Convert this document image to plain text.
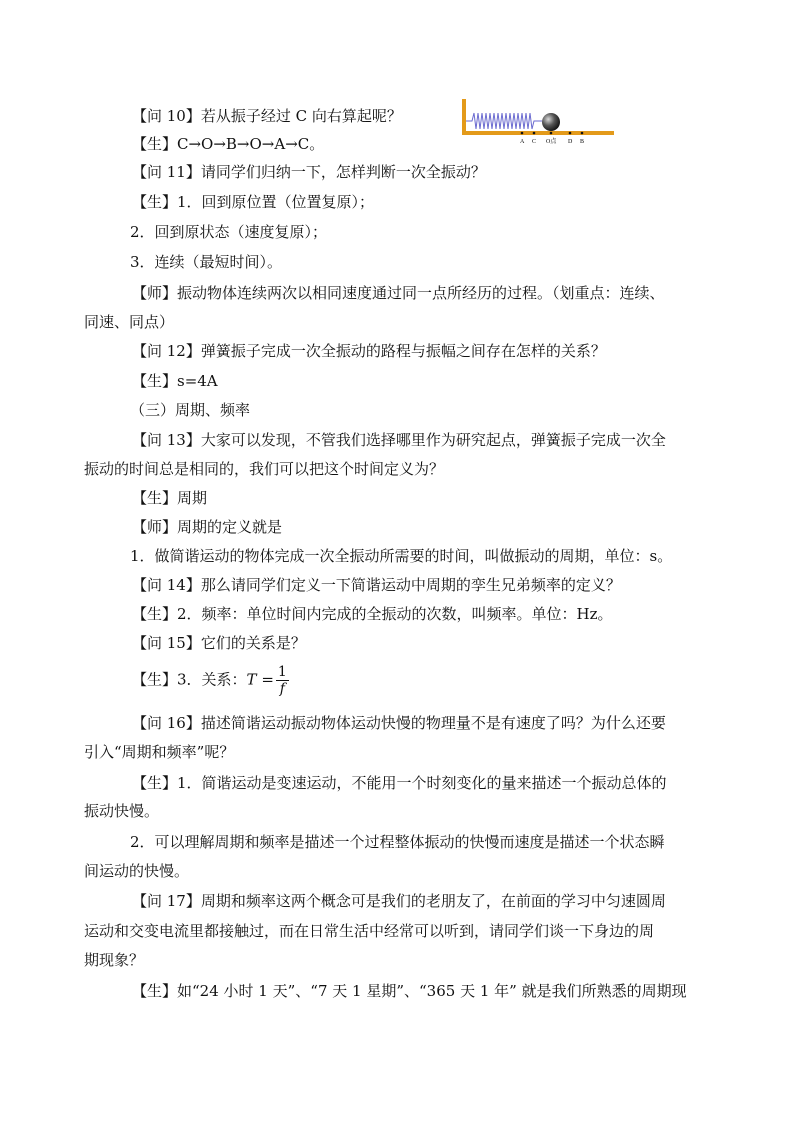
【问 10】若从振子经过 C 向右算起呢？
【生】C→O→B→O→A→C。	A C O点 D B
【问 11】请同学们归纳一下，怎样判断一次全振动？
【生】1．回到原位置（位置复原）；
2．回到原状态（速度复原）；
3．连续（最短时间）。
【师】振动物体连续两次以相同速度通过同一点所经历的过程。（划重点：连续、
同速、同点）
【问 12】弹簧振子完成一次全振动的路程与振幅之间存在怎样的关系？
【生】s=4A
（三）周期、频率
【问 13】大家可以发现，不管我们选择哪里作为研究起点，弹簧振子完成一次全
振动的时间总是相同的，我们可以把这个时间定义为？
【生】周期
【师】周期的定义就是
1．做简谐运动的物体完成一次全振动所需要的时间，叫做振动的周期，单位：s。
【问 14】那么请同学们定义一下简谐运动中周期的孪生兄弟频率的定义？
【生】2．频率：单位时间内完成的全振动的次数，叫频率。单位：Hz。
【问 15】它们的关系是？
【生】3．关系：$T = \frac{1}{f}$
【问 16】描述简谐运动振动物体运动快慢的物理量不是有速度了吗？为什么还要
引入“周期和频率”呢？
【生】1．简谐运动是变速运动，不能用一个时刻变化的量来描述一个振动总体的
振动快慢。
2．可以理解周期和频率是描述一个过程整体振动的快慢而速度是描述一个状态瞬
间运动的快慢。
【问 17】周期和频率这两个概念可是我们的老朋友了，在前面的学习中匀速圆周
运动和交变电流里都接触过，而在日常生活中经常可以听到，请同学们谈一下身边的周
期现象？
【生】如“24 小时 1 天”、“7 天 1 星期”、“365 天 1 年” 就是我们所熟悉的周期现
